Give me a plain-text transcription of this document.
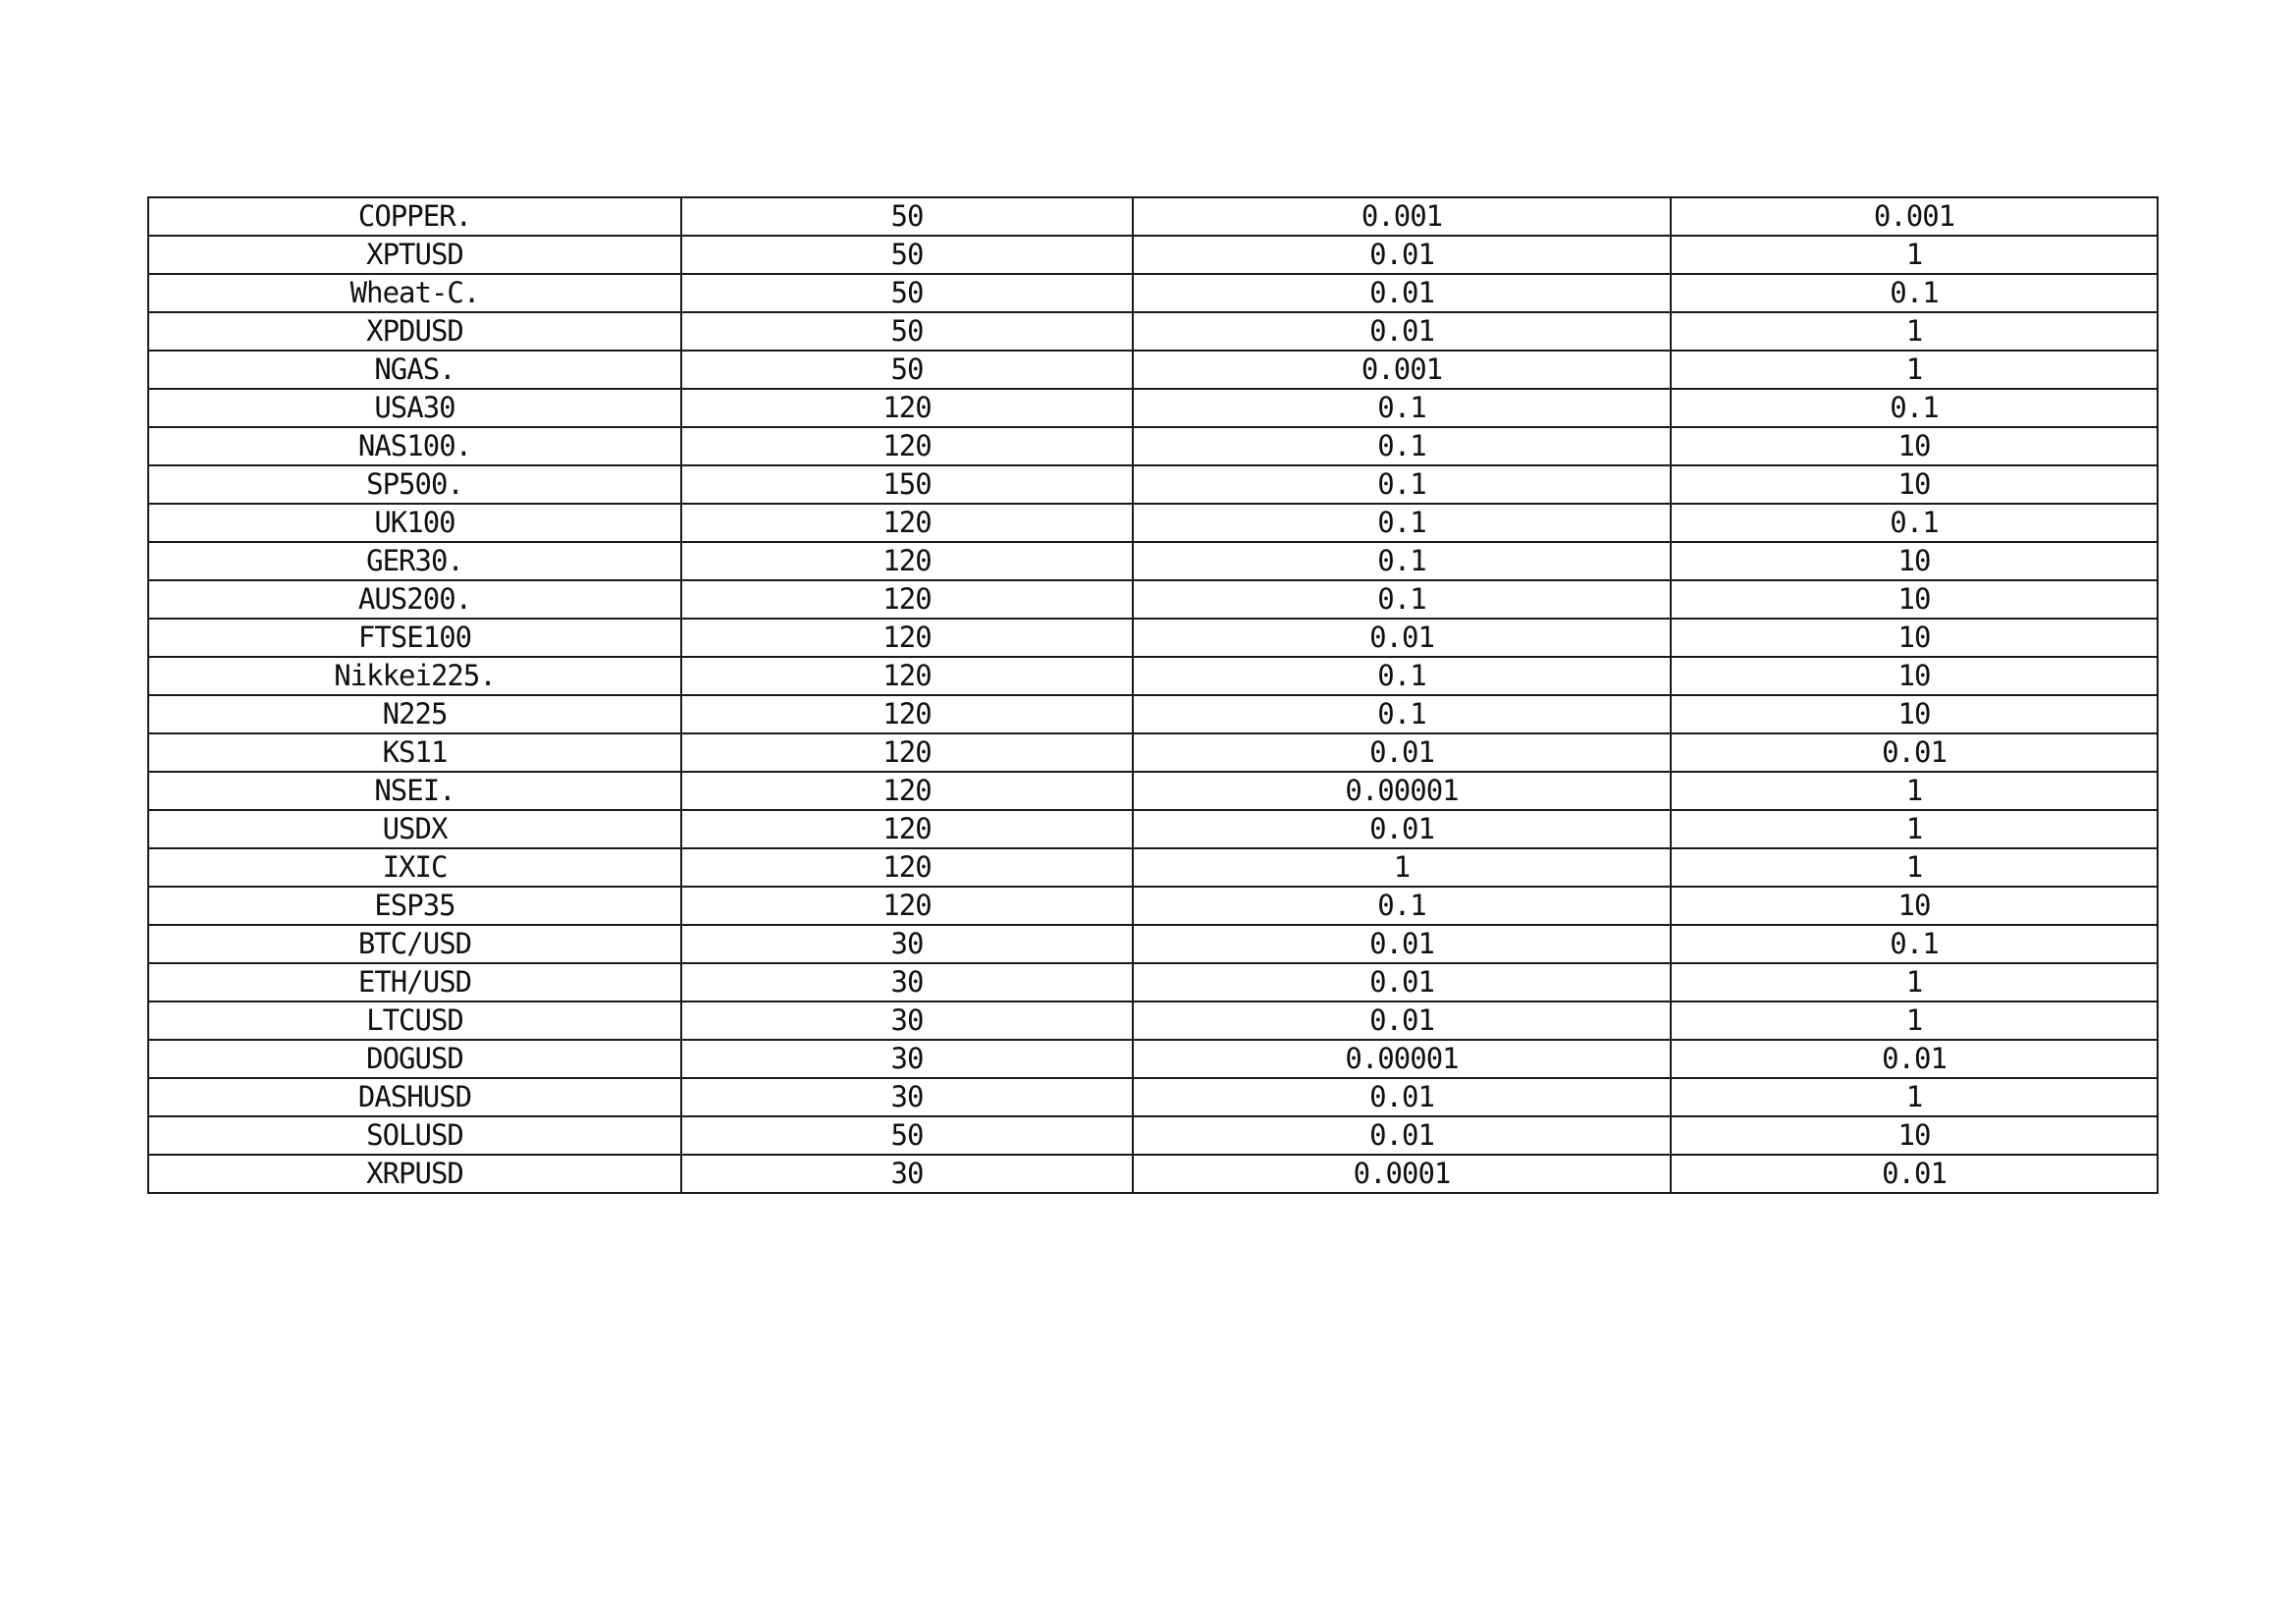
COPPER.	50	0.001	0.001
XPTUSD	50	0.01	1
Wheat-C.	50	0.01	0.1
XPDUSD	50	0.01	1
NGAS.	50	0.001	1
USA30	120	0.1	0.1
NAS100.	120	0.1	10
SP500.	150	0.1	10
UK100	120	0.1	0.1
GER30.	120	0.1	10
AUS200.	120	0.1	10
FTSE100	120	0.01	10
Nikkei225.	120	0.1	10
N225	120	0.1	10
KS11	120	0.01	0.01
NSEI.	120	0.00001	1
USDX	120	0.01	1
IXIC	120	1	1
ESP35	120	0.1	10
BTC/USD	30	0.01	0.1
ETH/USD	30	0.01	1
LTCUSD	30	0.01	1
DOGUSD	30	0.00001	0.01
DASHUSD	30	0.01	1
SOLUSD	50	0.01	10
XRPUSD	30	0.0001	0.01
